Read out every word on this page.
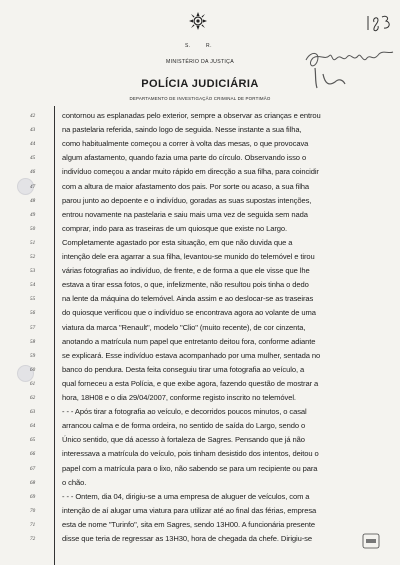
S.	R.
MINISTÉRIO DA JUSTIÇA
POLÍCIA JUDICIÁRIA
DEPARTAMENTO DE INVESTIGAÇÃO CRIMINAL DE PORTIMÃO
42	contornou as esplanadas pelo exterior, sempre a observar as crianças e entrou
43	na pastelaria referida, saindo logo de seguida. Nesse instante a sua filha,
44	como habitualmente começou a correr à volta das mesas, o que provocava
45	algum afastamento, quando fazia uma parte do círculo. Observando isso o
46	indivíduo começou a andar muito rápido em direcção a sua filha, para coincidir
47	com a altura de maior afastamento dos pais. Por sorte ou acaso, a sua filha
48	parou junto ao depoente e o indivíduo, goradas as suas supostas intenções,
49	entrou novamente na pastelaria e saiu mais uma vez de seguida sem nada
50	comprar, indo para as traseiras de um quiosque que existe no Largo.
51	Completamente agastado por esta situação, em que não duvida que a
52	intenção dele era agarrar a sua filha, levantou-se munido do telemóvel e tirou
53	várias fotografias ao indivíduo, de frente, e de forma a que ele visse que lhe
54	estava a tirar essa fotos, o que, infelizmente, não resultou pois tinha o dedo
55	na lente da máquina do telemóvel. Ainda assim e ao deslocar-se as traseiras
56	do quiosque verificou que o indivíduo se encontrava agora ao volante de uma
57	viatura da marca "Renault", modelo "Clio" (muito recente), de cor cinzenta,
58	anotando a matrícula num papel que entretanto deitou fora, conforme adiante
59	se explicará. Esse indivíduo estava acompanhado por uma mulher, sentada no
60	banco do pendura. Desta feita conseguiu tirar uma fotografia ao veículo, a
61	qual forneceu a esta Polícia, e que exibe agora, fazendo questão de mostrar a
62	hora, 18H08 e o dia 29/04/2007, conforme registo inscrito no telemóvel.
63	- - - Após tirar a fotografia ao veículo, e decorridos poucos minutos, o casal
64	arrancou calma e de forma ordeira, no sentido de saída do Largo, sendo o
65	Único sentido, que dá acesso à fortaleza de Sagres. Pensando que já não
66	interessava a matrícula do veículo, pois tinham desistido dos intentos, deitou o
67	papel com a matrícula para o lixo, não sabendo se para um recipiente ou para
68	o chão.
69	- - - Ontem, dia 04, dirigiu-se a uma empresa de aluguer de veículos, com a
70	intenção de aí alugar uma viatura para utilizar até ao final das férias, empresa
71	esta de nome "Turinfo", sita em Sagres, sendo 13H00. A funcionária presente
72	disse que teria de regressar as 13H30, hora de chegada da chefe. Dirigiu-se
